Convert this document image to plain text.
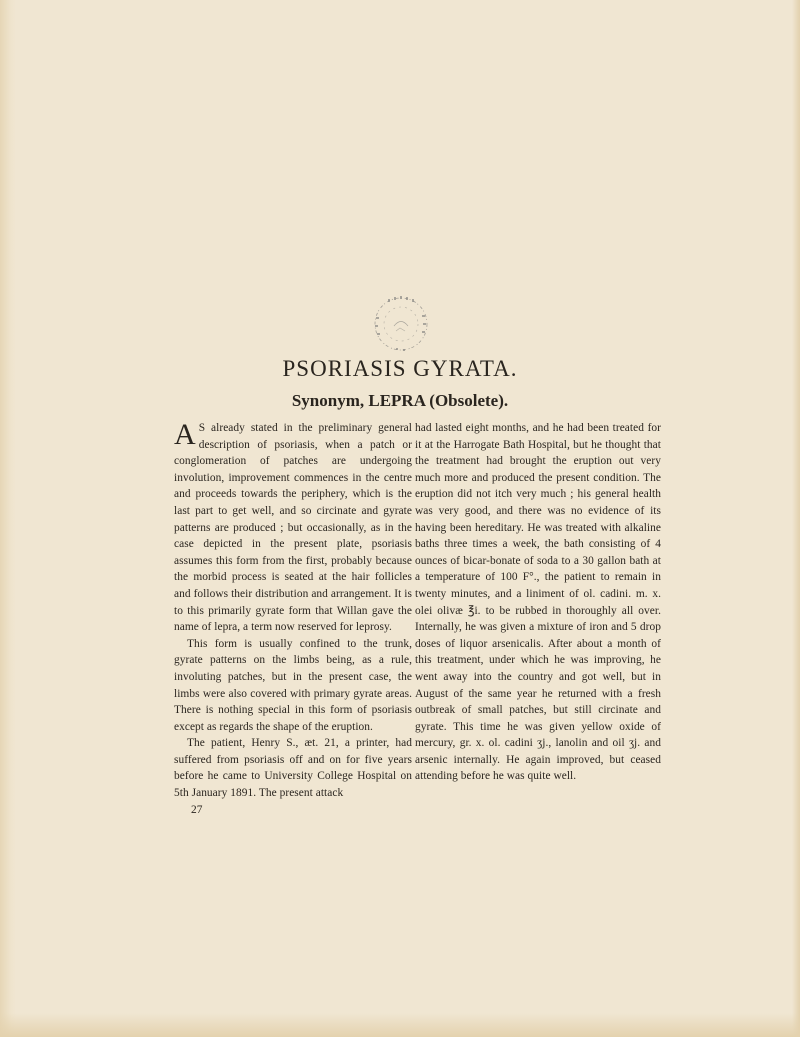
PSORIASIS GYRATA.
Synonym, LEPRA (Obsolete).

A S already stated in the preliminary general description of psoriasis, when a patch or conglomeration of patches are undergoing involution, improvement commences in the centre and proceeds towards the periphery, which is the last part to get well, and so circinate and gyrate patterns are produced ; but occasionally, as in the case depicted in the present plate, psoriasis assumes this form from the first, probably because the morbid process is seated at the hair follicles and follows their distribution and arrangement. It is to this primarily gyrate form that Willan gave the name of lepra, a term now reserved for leprosy.

This form is usually confined to the trunk, gyrate patterns on the limbs being, as a rule, involuting patches, but in the present case, the limbs were also covered with primary gyrate areas. There is nothing special in this form of psoriasis except as regards the shape of the eruption.

The patient, Henry S., æt. 21, a printer, had suffered from psoriasis off and on for five years before he came to University College Hospital on 5th January 1891. The present attack

27

had lasted eight months, and he had been treated for it at the Harrogate Bath Hospital, but he thought that the treatment had brought the eruption out very much more and produced the present condition. The eruption did not itch very much ; his general health was very good, and there was no evidence of its having been hereditary. He was treated with alkaline baths three times a week, the bath consisting of 4 ounces of bicar-bonate of soda to a 30 gallon bath at a temperature of 100 F°., the patient to remain in twenty minutes, and a liniment of ol. cadini. m. x. olei olivæ ℥i. to be rubbed in thoroughly all over. Internally, he was given a mixture of iron and 5 drop doses of liquor arsenicalis. After about a month of this treatment, under which he was improving, he went away into the country and got well, but in August of the same year he returned with a fresh outbreak of small patches, but still circinate and gyrate. This time he was given yellow oxide of mercury, gr. x. ol. cadini ʒj., lanolin and oil ʒj. and arsenic internally. He again improved, but ceased attending before he was quite well.
